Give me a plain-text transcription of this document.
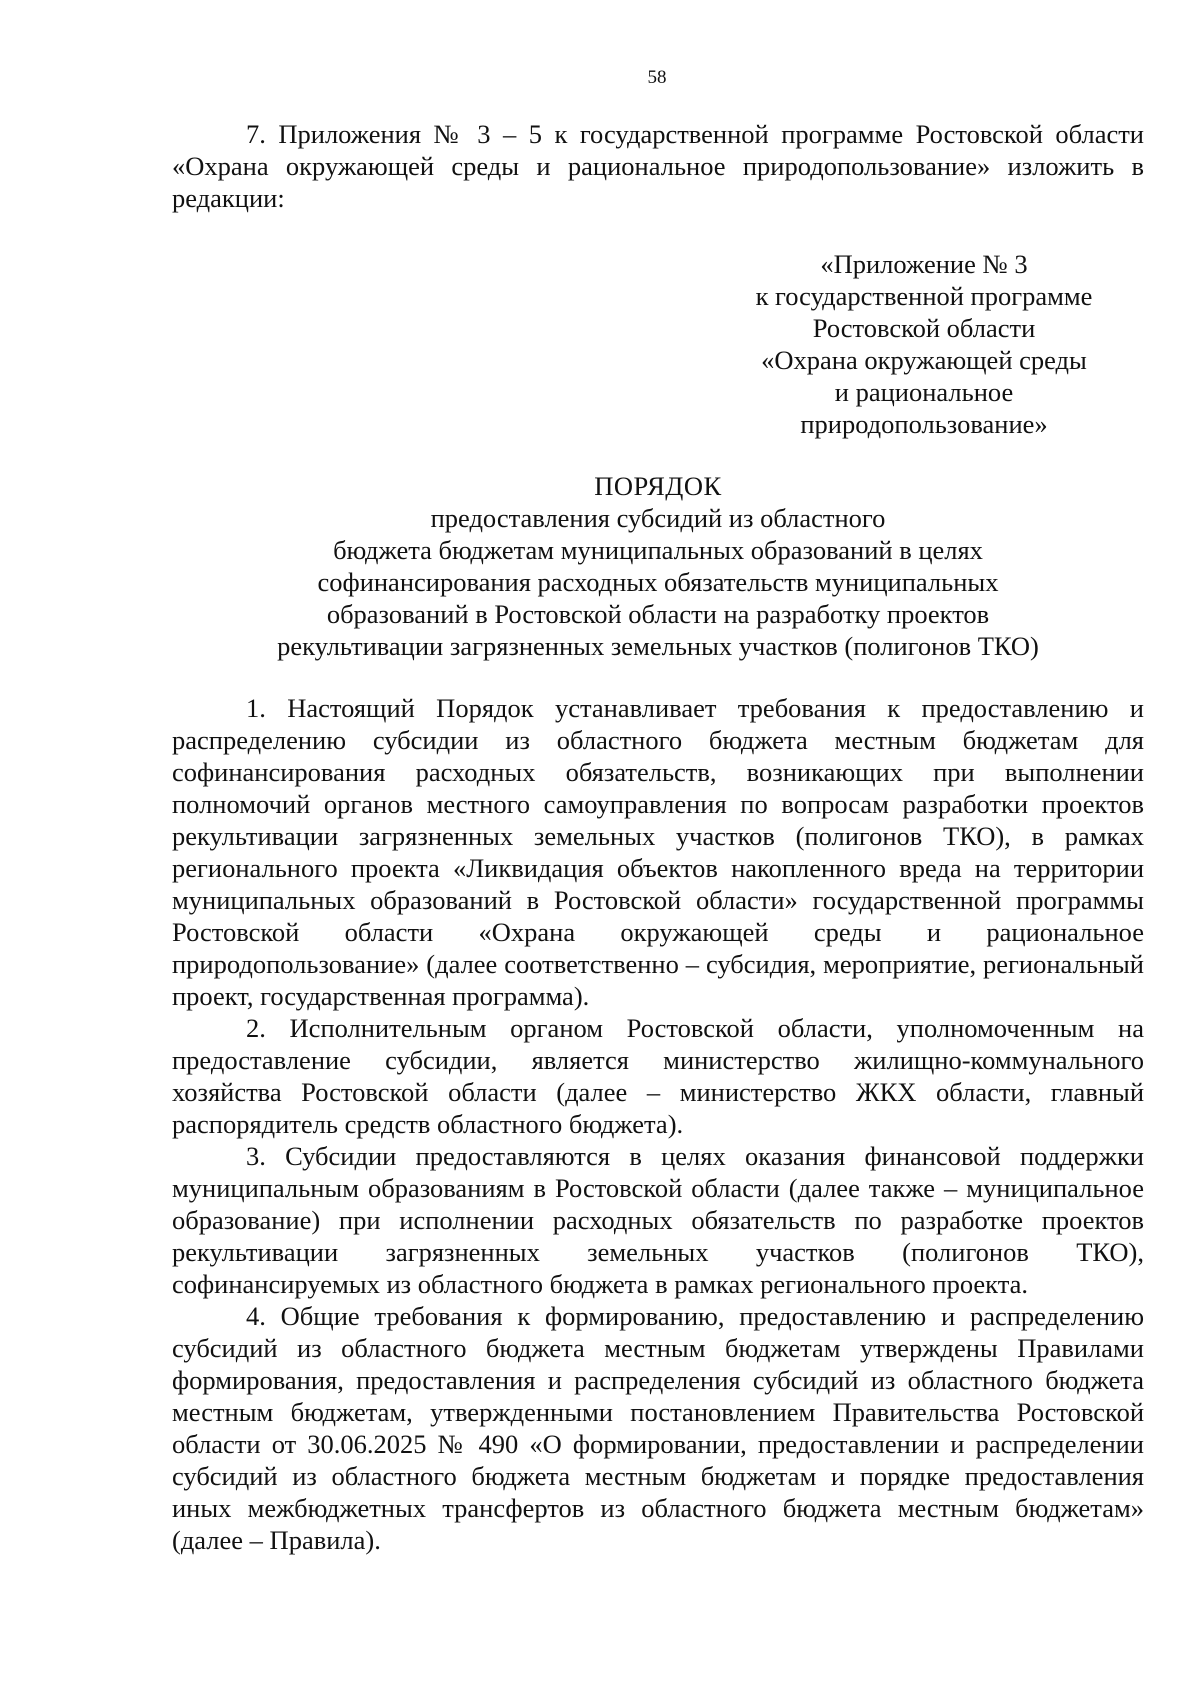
58

7. Приложения № 3 – 5 к государственной программе Ростовской области «Охрана окружающей среды и рациональное природопользование» изложить в редакции:

«Приложение № 3
к государственной программе
Ростовской области
«Охрана окружающей среды
и рациональное
природопользование»
ПОРЯДОК
предоставления субсидий из областного
бюджета бюджетам муниципальных образований в целях
софинансирования расходных обязательств муниципальных
образований в Ростовской области на разработку проектов
рекультивации загрязненных земельных участков (полигонов ТКО)

1. Настоящий Порядок устанавливает требования к предоставлению и распределению субсидии из областного бюджета местным бюджетам для софинансирования расходных обязательств, возникающих при выполнении полномочий органов местного самоуправления по вопросам разработки проектов рекультивации загрязненных земельных участков (полигонов ТКО), в рамках регионального проекта «Ликвидация объектов накопленного вреда на территории муниципальных образований в Ростовской области» государственной программы Ростовской области «Охрана окружающей среды и рациональное природопользование» (далее соответственно – субсидия, мероприятие, региональный проект, государственная программа).

2. Исполнительным органом Ростовской области, уполномоченным на предоставление субсидии, является министерство жилищно-коммунального хозяйства Ростовской области (далее – министерство ЖКХ области, главный распорядитель средств областного бюджета).

3. Субсидии предоставляются в целях оказания финансовой поддержки муниципальным образованиям в Ростовской области (далее также – муниципальное образование) при исполнении расходных обязательств по разработке проектов рекультивации загрязненных земельных участков (полигонов ТКО), софинансируемых из областного бюджета в рамках регионального проекта.

4. Общие требования к формированию, предоставлению и распределению субсидий из областного бюджета местным бюджетам утверждены Правилами формирования, предоставления и распределения субсидий из областного бюджета местным бюджетам, утвержденными постановлением Правительства Ростовской области от 30.06.2025 № 490 «О формировании, предоставлении и распределении субсидий из областного бюджета местным бюджетам и порядке предоставления иных межбюджетных трансфертов из областного бюджета местным бюджетам» (далее – Правила).
